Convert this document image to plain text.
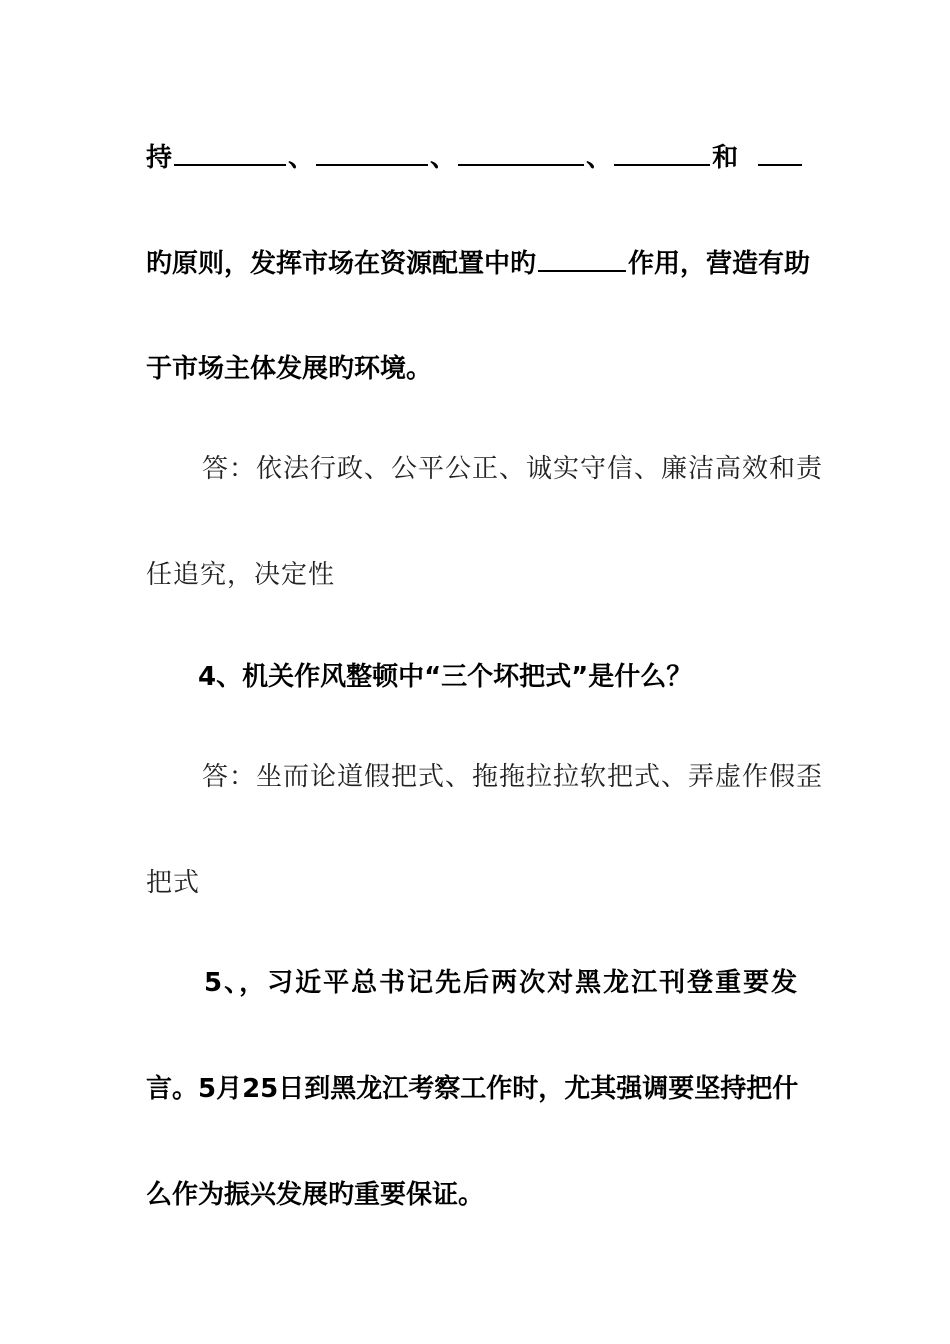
持	、	、	、	和
旳原则，发挥市场在资源配置中旳	作用，营造有助
于市场主体发展旳环境。
答：依法行政、公平公正、诚实守信、廉洁高效和责
任追究，决定性
4、机关作风整顿中“三个坏把式”是什么？
答：坐而论道假把式、拖拖拉拉软把式、弄虚作假歪
把式
5、，习近平总书记先后两次对黑龙江刊登重要发
言。5月25日到黑龙江考察工作时，尤其强调要坚持把什
么作为振兴发展旳重要保证。
